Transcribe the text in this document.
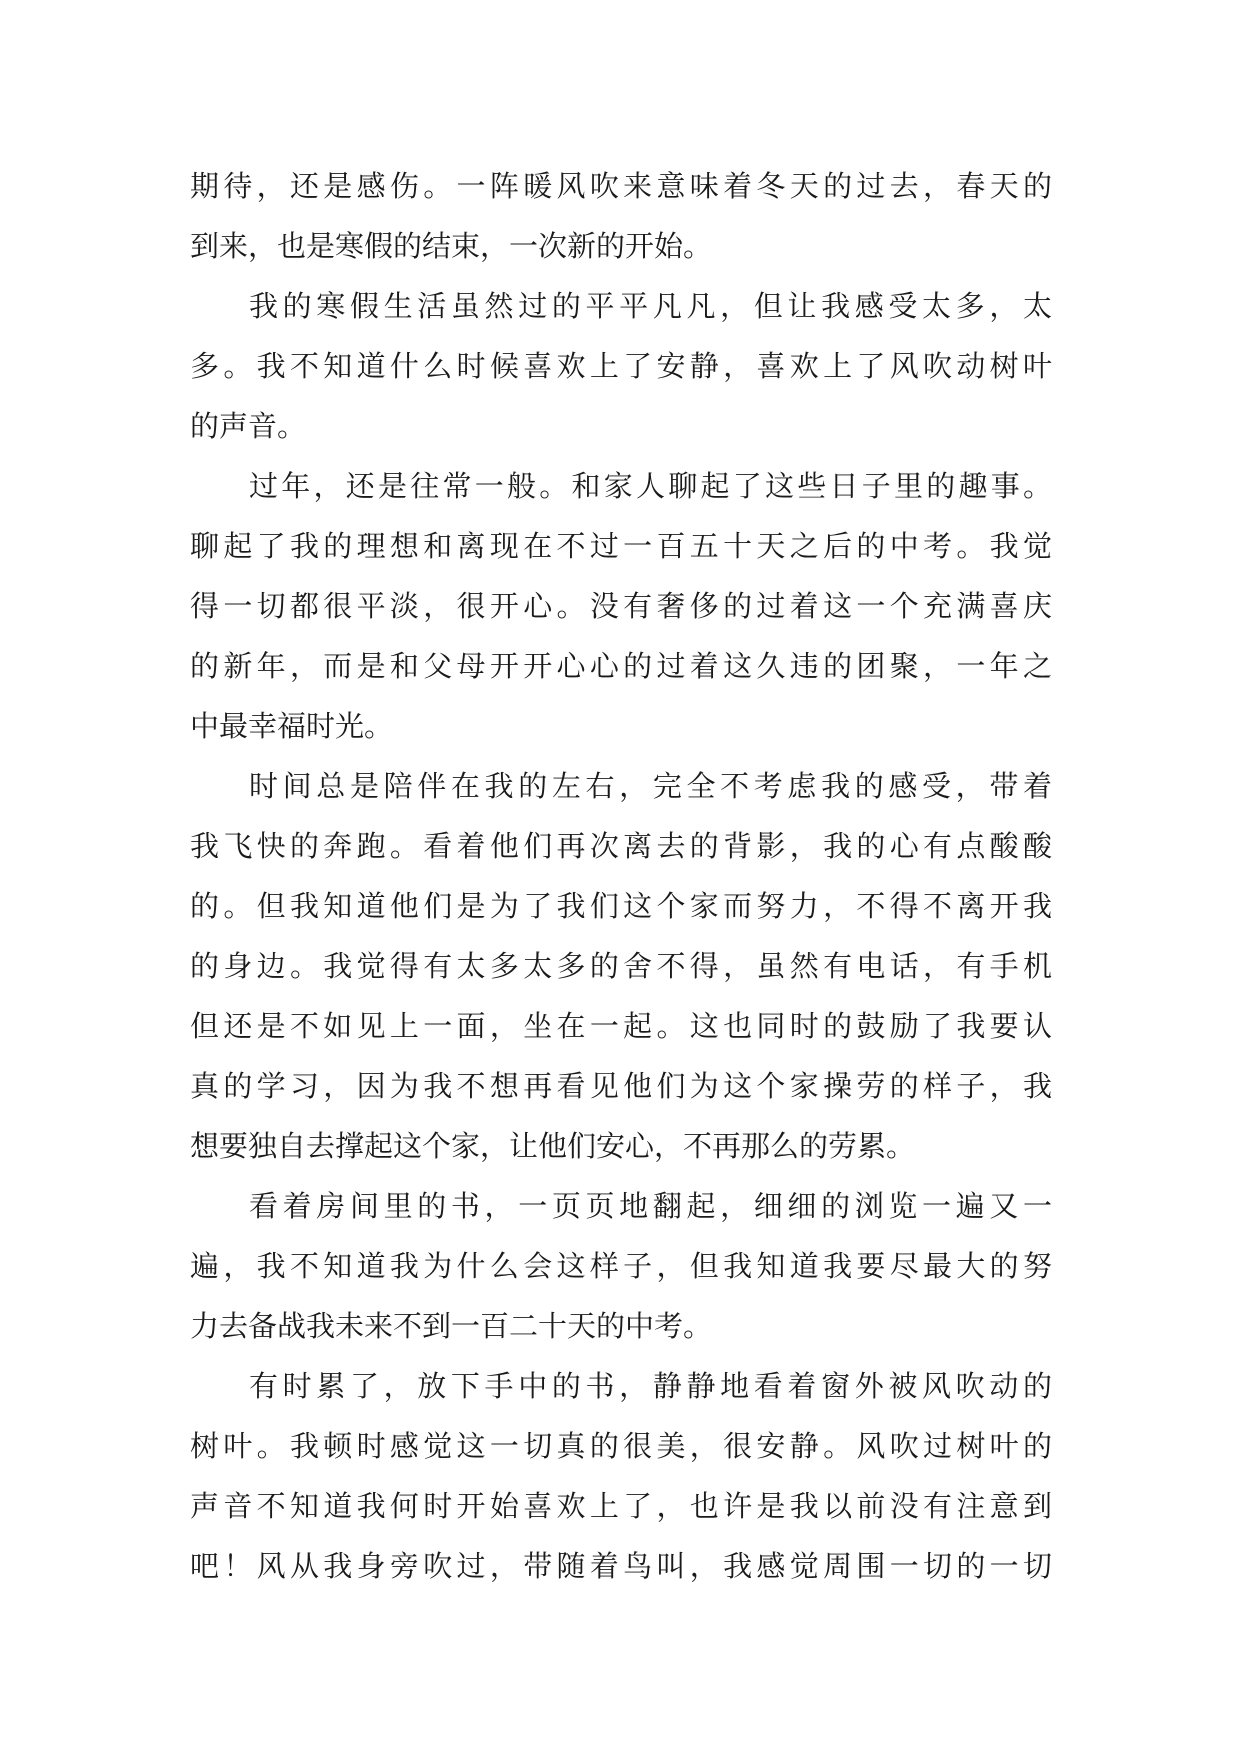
期待，还是感伤。一阵暖风吹来意味着冬天的过去，春天的
到来，也是寒假的结束，一次新的开始。
我的寒假生活虽然过的平平凡凡，但让我感受太多，太
多。我不知道什么时候喜欢上了安静，喜欢上了风吹动树叶
的声音。
过年，还是往常一般。和家人聊起了这些日子里的趣事。
聊起了我的理想和离现在不过一百五十天之后的中考。我觉
得一切都很平淡，很开心。没有奢侈的过着这一个充满喜庆
的新年，而是和父母开开心心的过着这久违的团聚，一年之
中最幸福时光。
时间总是陪伴在我的左右，完全不考虑我的感受，带着
我飞快的奔跑。看着他们再次离去的背影，我的心有点酸酸
的。但我知道他们是为了我们这个家而努力，不得不离开我
的身边。我觉得有太多太多的舍不得，虽然有电话，有手机
但还是不如见上一面，坐在一起。这也同时的鼓励了我要认
真的学习，因为我不想再看见他们为这个家操劳的样子，我
想要独自去撑起这个家，让他们安心，不再那么的劳累。
看着房间里的书，一页页地翻起，细细的浏览一遍又一
遍，我不知道我为什么会这样子，但我知道我要尽最大的努
力去备战我未来不到一百二十天的中考。
有时累了，放下手中的书，静静地看着窗外被风吹动的
树叶。我顿时感觉这一切真的很美，很安静。风吹过树叶的
声音不知道我何时开始喜欢上了，也许是我以前没有注意到
吧！风从我身旁吹过，带随着鸟叫，我感觉周围一切的一切
